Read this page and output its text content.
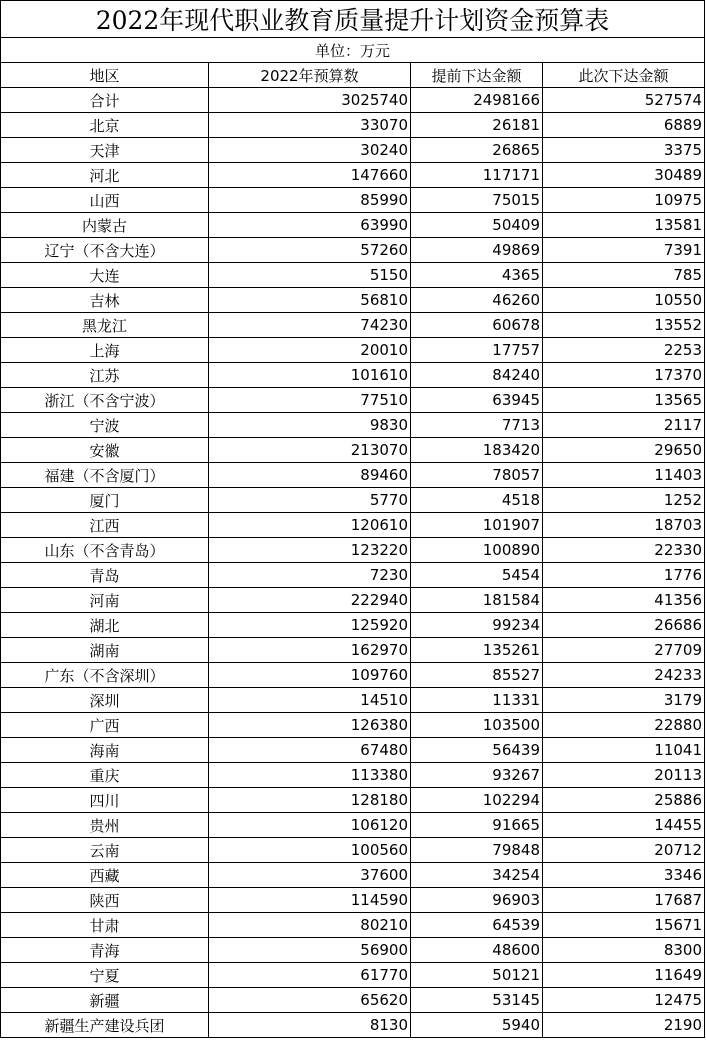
2022年现代职业教育质量提升计划资金预算表			
单位：万元			
地区	2022年预算数	提前下达金额	此次下达金额
合计	3025740	2498166	527574
北京	33070	26181	6889
天津	30240	26865	3375
河北	147660	117171	30489
山西	85990	75015	10975
内蒙古	63990	50409	13581
辽宁（不含大连）	57260	49869	7391
大连	5150	4365	785
吉林	56810	46260	10550
黑龙江	74230	60678	13552
上海	20010	17757	2253
江苏	101610	84240	17370
浙江（不含宁波）	77510	63945	13565
宁波	9830	7713	2117
安徽	213070	183420	29650
福建（不含厦门）	89460	78057	11403
厦门	5770	4518	1252
江西	120610	101907	18703
山东（不含青岛）	123220	100890	22330
青岛	7230	5454	1776
河南	222940	181584	41356
湖北	125920	99234	26686
湖南	162970	135261	27709
广东（不含深圳）	109760	85527	24233
深圳	14510	11331	3179
广西	126380	103500	22880
海南	67480	56439	11041
重庆	113380	93267	20113
四川	128180	102294	25886
贵州	106120	91665	14455
云南	100560	79848	20712
西藏	37600	34254	3346
陕西	114590	96903	17687
甘肃	80210	64539	15671
青海	56900	48600	8300
宁夏	61770	50121	11649
新疆	65620	53145	12475
新疆生产建设兵团	8130	5940	2190
